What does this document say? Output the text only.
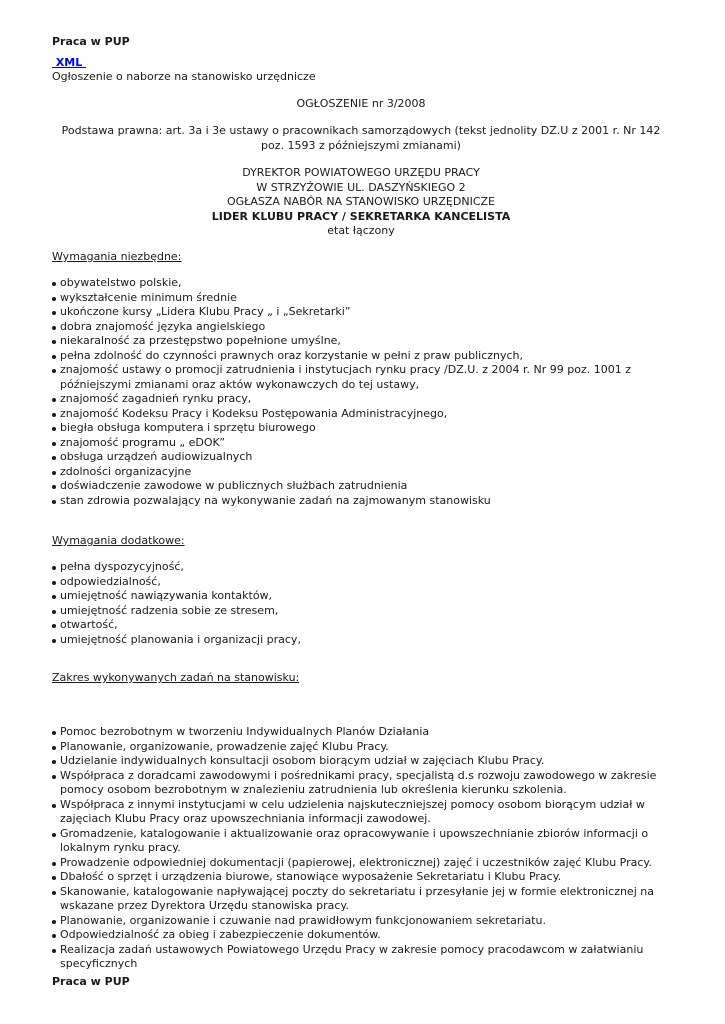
Praca w PUP
XML
Ogłoszenie o naborze na stanowisko urzędnicze
OGŁOSZENIE nr 3/2008
Podstawa prawna: art. 3a i 3e ustawy o pracownikach samorządowych (tekst jednolity DZ.U z 2001 r. Nr 142 poz. 1593 z późniejszymi zmianami)
DYREKTOR POWIATOWEGO URZĘDU PRACY
W STRZYŻOWIE UL. DASZYŃSKIEGO 2
OGŁASZA NABÓR NA STANOWISKO URZĘDNICZE
LIDER KLUBU PRACY / SEKRETARKA KANCELISTA
etat łączony
Wymagania niezbędne:
obywatelstwo polskie,
wykształcenie minimum średnie
ukończone kursy „Lidera Klubu Pracy „ i „Sekretarki”
dobra znajomość języka angielskiego
niekaralność za przestępstwo popełnione umyślne,
pełna zdolność do czynności prawnych oraz korzystanie w pełni z praw publicznych,
znajomość ustawy o promocji zatrudnienia i instytucjach rynku pracy /DZ.U. z 2004 r. Nr 99 poz. 1001 z późniejszymi zmianami oraz aktów wykonawczych do tej ustawy,
znajomość zagadnień rynku pracy,
znajomość Kodeksu Pracy i Kodeksu Postępowania Administracyjnego,
biegła obsługa komputera i sprzętu biurowego
znajomość programu „ eDOK”
obsługa urządzeń audiowizualnych
zdolności organizacyjne
doświadczenie zawodowe w publicznych służbach zatrudnienia
stan zdrowia pozwalający na wykonywanie zadań na zajmowanym stanowisku
Wymagania dodatkowe:
pełna dyspozycyjność,
odpowiedzialność,
umiejętność nawiązywania kontaktów,
umiejętność radzenia sobie ze stresem,
otwartość,
umiejętność planowania i organizacji pracy,
Zakres wykonywanych zadań na stanowisku:
Pomoc bezrobotnym w tworzeniu Indywidualnych Planów Działania
Planowanie, organizowanie, prowadzenie zajęć Klubu Pracy.
Udzielanie indywidualnych konsultacji osobom biorącym udział w zajęciach Klubu Pracy.
Współpraca z doradcami zawodowymi i pośrednikami pracy, specjalistą d.s rozwoju zawodowego w zakresie pomocy osobom bezrobotnym w znalezieniu zatrudnienia lub określenia kierunku szkolenia.
Współpraca z innymi instytucjami w celu udzielenia najskuteczniejszej pomocy osobom biorącym udział w zajęciach Klubu Pracy oraz upowszechniania informacji zawodowej.
Gromadzenie, katalogowanie i aktualizowanie oraz opracowywanie i upowszechnianie zbiorów informacji o lokalnym rynku pracy.
Prowadzenie odpowiedniej dokumentacji (papierowej, elektronicznej) zajęć i uczestników zajęć Klubu Pracy.
Dbałość o sprzęt i urządzenia biurowe, stanowiące wyposażenie Sekretariatu i Klubu Pracy.
Skanowanie, katalogowanie napływającej poczty do sekretariatu i przesyłanie jej w formie elektronicznej na wskazane przez Dyrektora Urzędu stanowiska pracy.
Planowanie, organizowanie i czuwanie nad prawidłowym funkcjonowaniem sekretariatu.
Odpowiedzialność za obieg i zabezpieczenie dokumentów.
Realizacja zadań ustawowych Powiatowego Urzędu Pracy w zakresie pomocy pracodawcom w załatwianiu specyficznych
Praca w PUP
